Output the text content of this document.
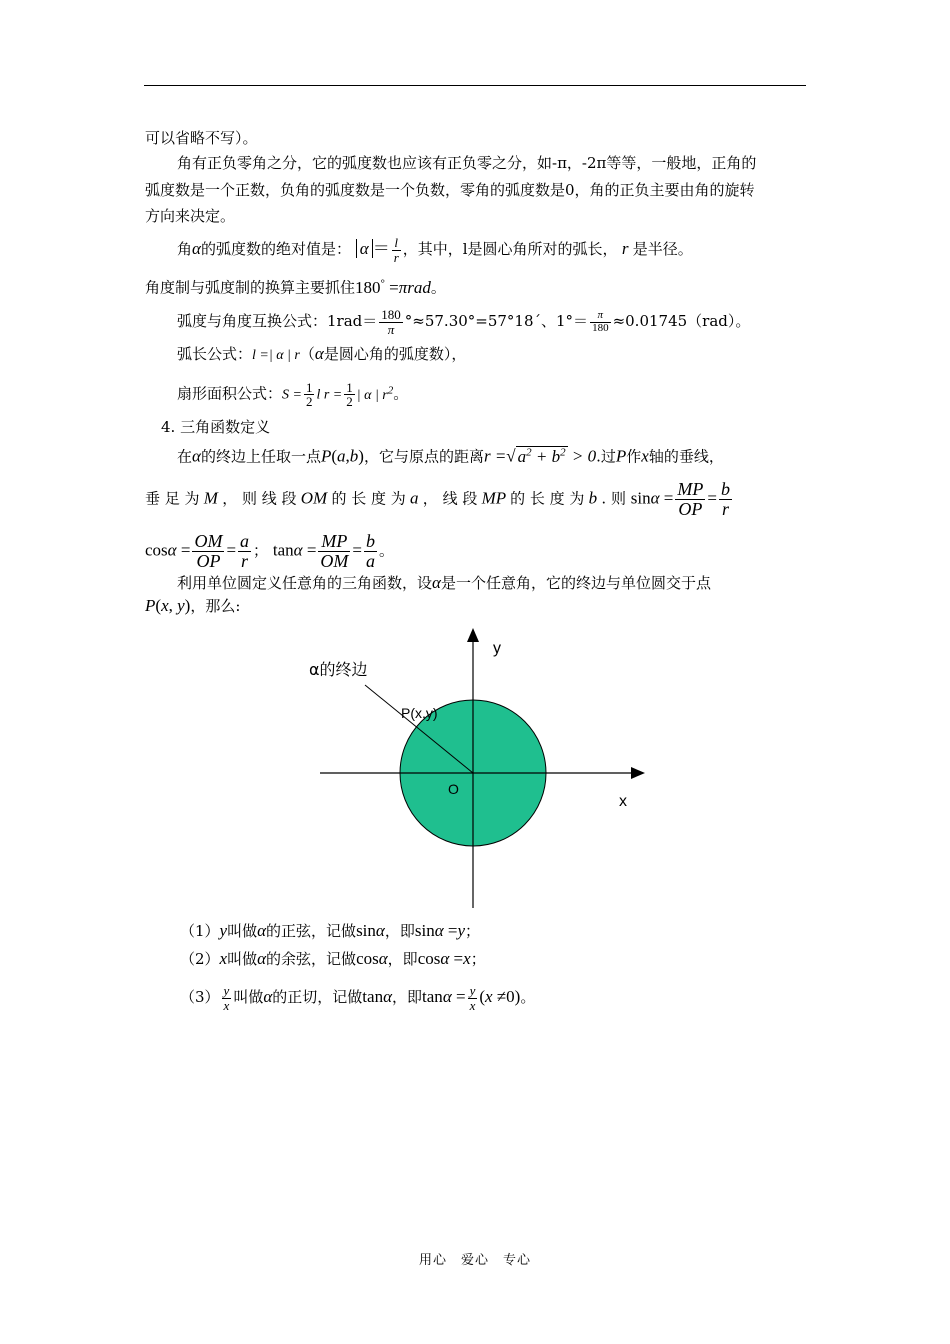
可以省略不写）。
角有正负零角之分，它的弧度数也应该有正负零之分，如-π，-2π等等，一般地，正角的
弧度数是一个正数，负角的弧度数是一个负数，零角的弧度数是0，角的正负主要由角的旋转
方向来决定。
角α的弧度数的绝对值是： $\alpha = \frac{l}{r}$ ，其中，l是圆心角所对的弧长， r 是半径。
角度制与弧度制的换算主要抓住180° =πrad。
弧度与角度互换公式：$1rad= \frac{180}{\pi}$ °≈57.30°=57°18ˊ、$1^\circ= \frac{\pi}{180} \approx 0.01745(rad)$。
弧长公式：l =| α | r（α是圆心角的弧度数），
扇形面积公式：$S = \frac{1}{2}$ l $r = \frac{1}{2}$ | α | $r^2$。
4. 三角函数定义
在α的终边上任取一点P(a,b)，它与原点的距离r =√ $a^2 + b^2 > 0$.过P作x轴的垂线，
垂 足 为 M ， 则 线 段 OM 的 长 度 为 a ， 线 段 MP 的 长 度 为 b . 则 $\sin\alpha = \frac{MP}{OP} = \frac{b}{r}$
$\cos\alpha = \frac{OM}{OP} = \frac{a}{r}$ ； $\tan\alpha = \frac{MP}{OM} = \frac{b}{a}$ 。
利用单位圆定义任意角的三角函数，设α是一个任意角，它的终边与单位圆交于点
P(x, y)，那么:
y
x
O
P(x,y)
α的终边
（1）y叫做α的正弦，记做sinα，即sinα =y；
（2）x叫做α的余弦，记做cosα，即cosα =x；
$(3) \frac{y}{x}$ 叫做α的正切，记做tanα，即$\tan\alpha = \frac{y}{x} (x \ne 0)$。
用心　爱心　专心
